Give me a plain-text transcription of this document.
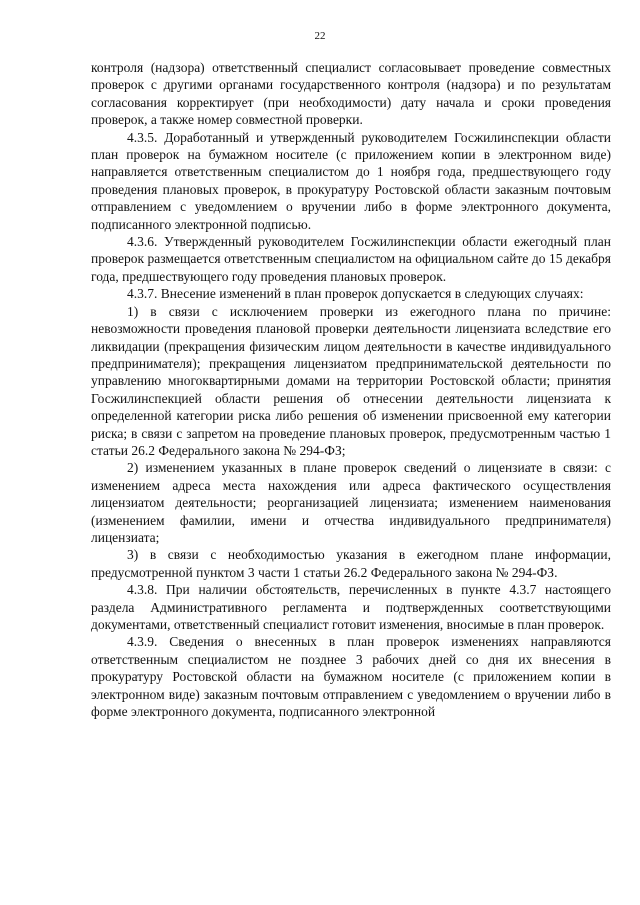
22

контроля (надзора) ответственный специалист согласовывает проведение совместных проверок с другими органами государственного контроля (надзора) и по результатам согласования корректирует (при необходимости) дату начала и сроки проведения проверок, а также номер совместной проверки.

4.3.5. Доработанный и утвержденный руководителем Госжилинспекции области план проверок на бумажном носителе (с приложением копии в электронном виде) направляется ответственным специалистом до 1 ноября года, предшествующего году проведения плановых проверок, в прокуратуру Ростовской области заказным почтовым отправлением с уведомлением о вручении либо в форме электронного документа, подписанного электронной подписью.

4.3.6. Утвержденный руководителем Госжилинспекции области ежегодный план проверок размещается ответственным специалистом на официальном сайте до 15 декабря года, предшествующего году проведения плановых проверок.

4.3.7. Внесение изменений в план проверок допускается в следующих случаях:

1) в связи с исключением проверки из ежегодного плана по причине: невозможности проведения плановой проверки деятельности лицензиата вследствие его ликвидации (прекращения физическим лицом деятельности в качестве индивидуального предпринимателя); прекращения лицензиатом предпринимательской деятельности по управлению многоквартирными домами на территории Ростовской области; принятия Госжилинспекцией области решения об отнесении деятельности лицензиата к определенной категории риска либо решения об изменении присвоенной ему категории риска; в связи с запретом на проведение плановых проверок, предусмотренным частью 1 статьи 26.2 Федерального закона № 294-ФЗ;

2) изменением указанных в плане проверок сведений о лицензиате в связи: с изменением адреса места нахождения или адреса фактического осуществления лицензиатом деятельности; реорганизацией лицензиата; изменением наименования (изменением фамилии, имени и отчества индивидуального предпринимателя) лицензиата;

3) в связи с необходимостью указания в ежегодном плане информации, предусмотренной пунктом 3 части 1 статьи 26.2 Федерального закона № 294-ФЗ.

4.3.8. При наличии обстоятельств, перечисленных в пункте 4.3.7 настоящего раздела Административного регламента и подтвержденных соответствующими документами, ответственный специалист готовит изменения, вносимые в план проверок.

4.3.9. Сведения о внесенных в план проверок изменениях направляются ответственным специалистом не позднее 3 рабочих дней со дня их внесения в прокуратуру Ростовской области на бумажном носителе (с приложением копии в электронном виде) заказным почтовым отправлением с уведомлением о вручении либо в форме электронного документа, подписанного электронной
